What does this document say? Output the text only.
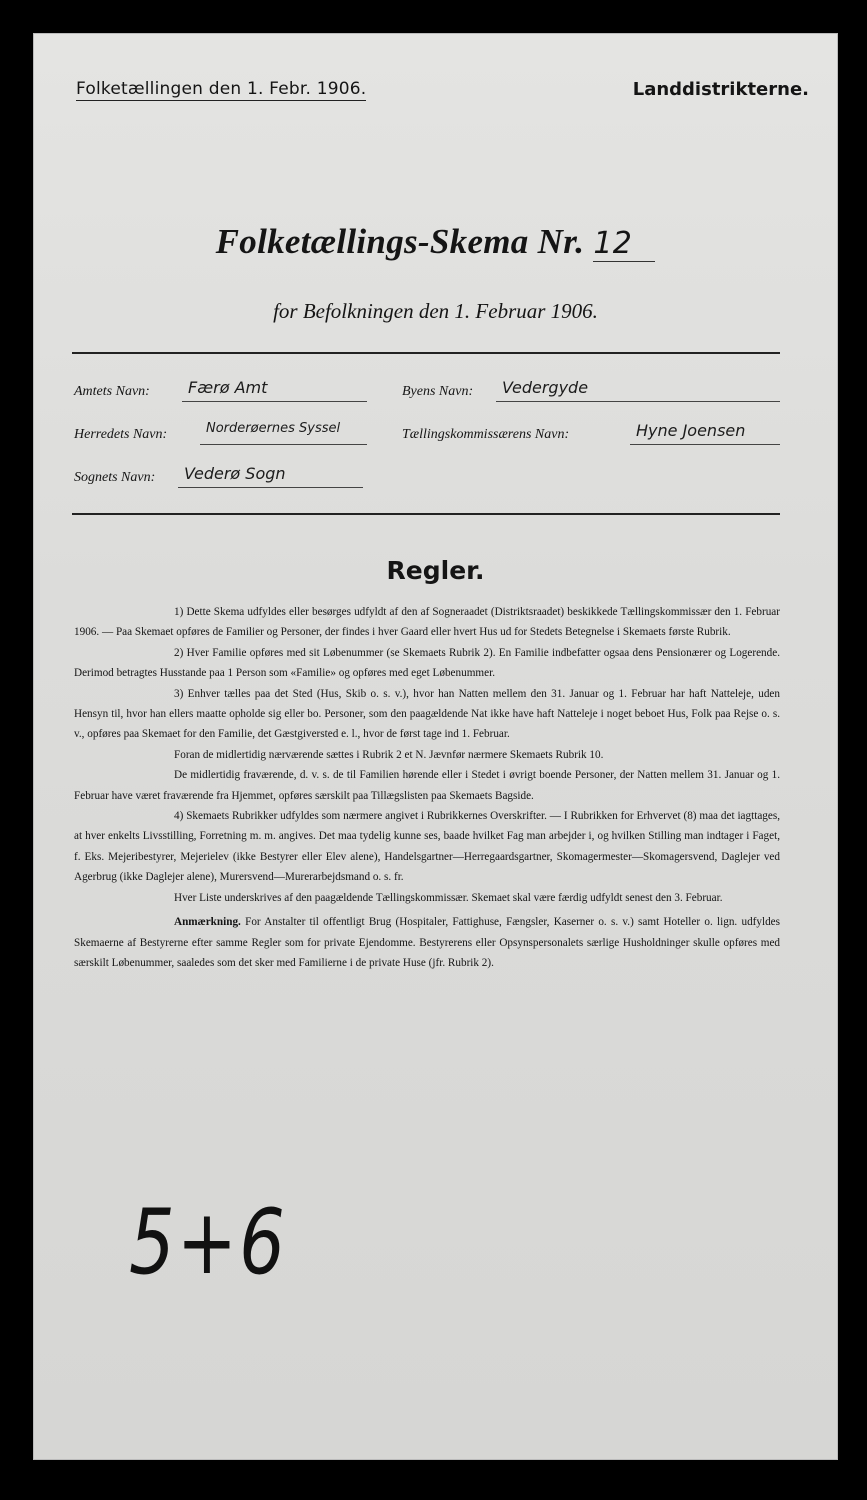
Folketællingen den 1. Febr. 1906.	Landdistrikterne.
Folketællings-Skema Nr. 12
for Befolkningen den 1. Februar 1906.
Amtets Navn:	Færø Amt	Byens Navn:	Vedergyde
Herredets Navn:	Norderøernes Syssel	Tællingskommissærens Navn:	Hyne Joensen
Sognets Navn:	Vederø Sogn
Regler.

1) Dette Skema udfyldes eller besørges udfyldt af den af Sogneraadet (Distriktsraadet) beskikkede Tællingskommissær den 1. Februar 1906. — Paa Skemaet opføres de Familier og Personer, der findes i hver Gaard eller hvert Hus ud for Stedets Betegnelse i Skemaets første Rubrik.

2) Hver Familie opføres med sit Løbenummer (se Skemaets Rubrik 2). En Familie indbefatter ogsaa dens Pensionærer og Logerende. Derimod betragtes Husstande paa 1 Person som «Familie» og opføres med eget Løbenummer.

3) Enhver tælles paa det Sted (Hus, Skib o. s. v.), hvor han Natten mellem den 31. Januar og 1. Februar har haft Natteleje, uden Hensyn til, hvor han ellers maatte opholde sig eller bo. Personer, som den paagældende Nat ikke have haft Natteleje i noget beboet Hus, Folk paa Rejse o. s. v., opføres paa Skemaet for den Familie, det Gæstgiversted e. l., hvor de først tage ind 1. Februar.

Foran de midlertidig nærværende sættes i Rubrik 2 et N. Jævnfør nærmere Skemaets Rubrik 10.

De midlertidig fraværende, d. v. s. de til Familien hørende eller i Stedet i øvrigt boende Personer, der Natten mellem 31. Januar og 1. Februar have været fraværende fra Hjemmet, opføres særskilt paa Tillægslisten paa Skemaets Bagside.

4) Skemaets Rubrikker udfyldes som nærmere angivet i Rubrikkernes Overskrifter. — I Rubrikken for Erhvervet (8) maa det iagttages, at hver enkelts Livsstilling, Forretning m. m. angives. Det maa tydelig kunne ses, baade hvilket Fag man arbejder i, og hvilken Stilling man indtager i Faget, f. Eks. Mejeribestyrer, Mejerielev (ikke Bestyrer eller Elev alene), Handelsgartner—Herregaardsgartner, Skomagermester—Skomagersvend, Daglejer ved Agerbrug (ikke Daglejer alene), Murersvend—Murerarbejdsmand o. s. fr.

Hver Liste underskrives af den paagældende Tællingskommissær. Skemaet skal være færdig udfyldt senest den 3. Februar.

Anmærkning. For Anstalter til offentligt Brug (Hospitaler, Fattighuse, Fængsler, Kaserner o. s. v.) samt Hoteller o. lign. udfyldes Skemaerne af Bestyrerne efter samme Regler som for private Ejendomme. Bestyrerens eller Opsynspersonalets særlige Husholdninger skulle opføres med særskilt Løbenummer, saaledes som det sker med Familierne i de private Huse (jfr. Rubrik 2).

5+6
